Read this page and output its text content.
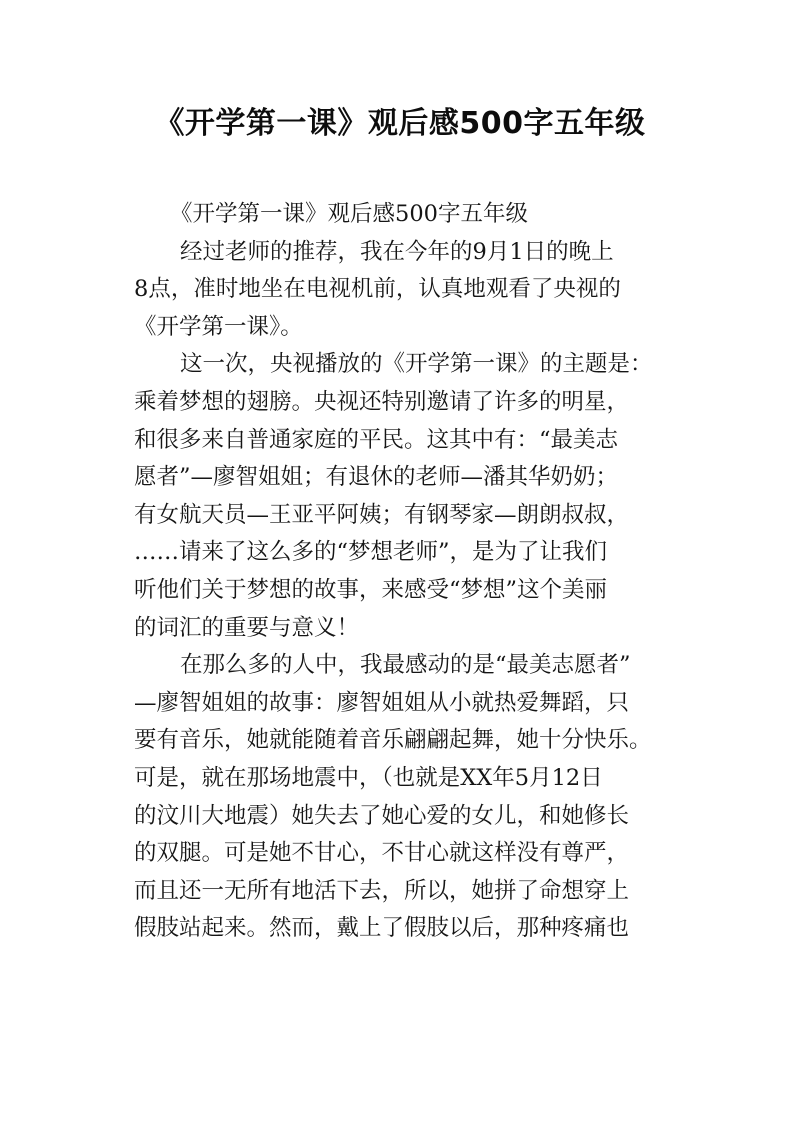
《开学第一课》观后感500字五年级
《开学第一课》观后感500字五年级
经过老师的推荐，我在今年的9月1日的晚上
8点，准时地坐在电视机前，认真地观看了央视的
《开学第一课》。
这一次，央视播放的《开学第一课》的主题是：
乘着梦想的翅膀。央视还特别邀请了许多的明星，
和很多来自普通家庭的平民。这其中有：“最美志
愿者”—廖智姐姐；有退休的老师—潘其华奶奶；
有女航天员—王亚平阿姨；有钢琴家—朗朗叔叔，
……请来了这么多的“梦想老师”，是为了让我们
听他们关于梦想的故事，来感受“梦想”这个美丽
的词汇的重要与意义！
在那么多的人中，我最感动的是“最美志愿者”
—廖智姐姐的故事：廖智姐姐从小就热爱舞蹈，只
要有音乐，她就能随着音乐翩翩起舞，她十分快乐。
可是，就在那场地震中，（也就是XX年5月12日
的汶川大地震）她失去了她心爱的女儿，和她修长
的双腿。可是她不甘心，不甘心就这样没有尊严，
而且还一无所有地活下去，所以，她拼了命想穿上
假肢站起来。然而，戴上了假肢以后，那种疼痛也
